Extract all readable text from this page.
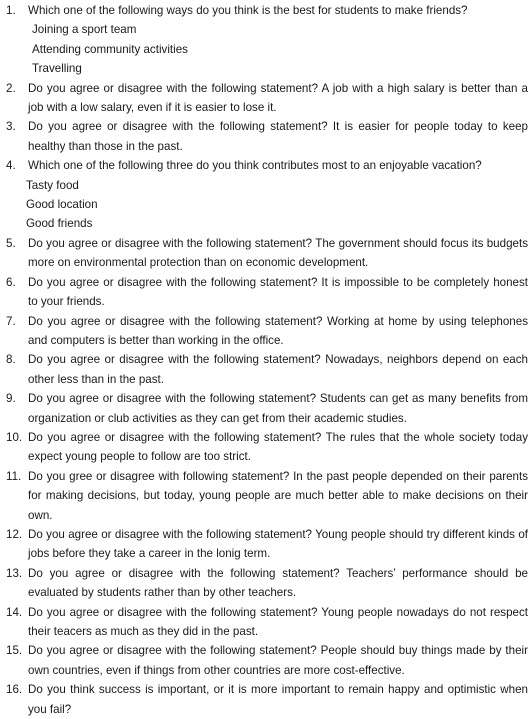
1.	Which one of the following ways do you think is the best for students to make friends?
Joining a sport team
Attending community activities
Travelling
2.	Do you agree or disagree with the following statement? A job with a high salary is better than a job with a low salary, even if it is easier to lose it.
3.	Do you agree or disagree with the following statement? It is easier for people today to keep healthy than those in the past.
4.	Which one of the following three do you think contributes most to an enjoyable vacation?
Tasty food
Good location
Good friends
5.	Do you agree or disagree with the following statement? The government should focus its budgets more on environmental protection than on economic development.
6.	Do you agree or disagree with the following statement? It is impossible to be completely honest to your friends.
7.	Do you agree or disagree with the following statement? Working at home by using telephones and computers is better than working in the office.
8.	Do you agree or disagree with the following statement? Nowadays, neighbors depend on each other less than in the past.
9.	Do you agree or disagree with the following statement? Students can get as many benefits from organization or club activities as they can get from their academic studies.
10. Do you agree or disagree with the following statement? The rules that the whole society today expect young people to follow are too strict.
11. Do you gree or disagree with following statement? In the past people depended on their parents for making decisions, but today, young people are much better able to make decisions on their own.
12. Do you agree or disagree with the following statement? Young people should try different kinds of jobs before they take a career in the lonig term.
13. Do you agree or disagree with the following statement? Teachers’ performance should be evaluated by students rather than by other teachers.
14. Do you agree or disagree with the following statement? Young people nowadays do not respect their teacers as much as they did in the past.
15. Do you agree or disagree with the following statement? People should buy things made by their own countries, even if things from other countries are more cost-effective.
16. Do you think success is important, or it is more important to remain happy and optimistic when you fail?
